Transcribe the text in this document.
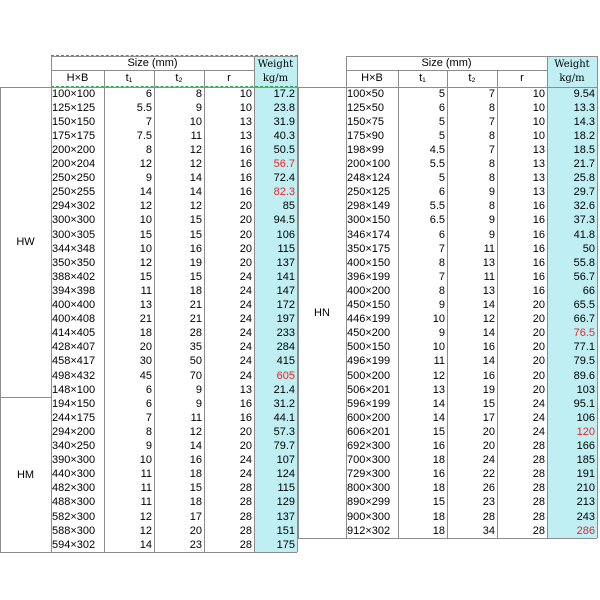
Size (mm)
H×B	t₁	t₂	r
Weight
kg/m
HW
HM
100×100	6	8	10	17.2
125×125	5.5	9	10	23.8
150×150	7	10	13	31.9
175×175	7.5	11	13	40.3
200×200	8	12	16	50.5
200×204	12	12	16	56.7
250×250	9	14	16	72.4
250×255	14	14	16	82.3
294×302	12	12	20	85
300×300	10	15	20	94.5
300×305	15	15	20	106
344×348	10	16	20	115
350×350	12	19	20	137
388×402	15	15	24	141
394×398	11	18	24	147
400×400	13	21	24	172
400×408	21	21	24	197
414×405	18	28	24	233
428×407	20	35	24	284
458×417	30	50	24	415
498×432	45	70	24	605
148×100	6	9	13	21.4
194×150	6	9	16	31.2
244×175	7	11	16	44.1
294×200	8	12	20	57.3
340×250	9	14	20	79.7
390×300	10	16	24	107
440×300	11	18	24	124
482×300	11	15	28	115
488×300	11	18	28	129
582×300	12	17	28	137
588×300	12	20	28	151
594×302	14	23	28	175
Size (mm)
H×B	t₁	t₂	r
Weight
kg/m
HN
100×50	5	7	10	9.54
125×50	6	8	10	13.3
150×75	5	7	10	14.3
175×90	5	8	10	18.2
198×99	4.5	7	13	18.5
200×100	5.5	8	13	21.7
248×124	5	8	13	25.8
250×125	6	9	13	29.7
298×149	5.5	8	16	32.6
300×150	6.5	9	16	37.3
346×174	6	9	16	41.8
350×175	7	11	16	50
400×150	8	13	16	55.8
396×199	7	11	16	56.7
400×200	8	13	16	66
450×150	9	14	20	65.5
446×199	10	12	20	66.7
450×200	9	14	20	76.5
500×150	10	16	20	77.1
496×199	11	14	20	79.5
500×200	12	16	20	89.6
506×201	13	19	20	103
596×199	14	15	24	95.1
600×200	14	17	24	106
606×201	15	20	24	120
692×300	16	20	28	166
700×300	18	24	28	185
729×300	16	22	28	191
800×300	18	26	28	210
890×299	15	23	28	213
900×300	18	28	28	243
912×302	18	34	28	286
